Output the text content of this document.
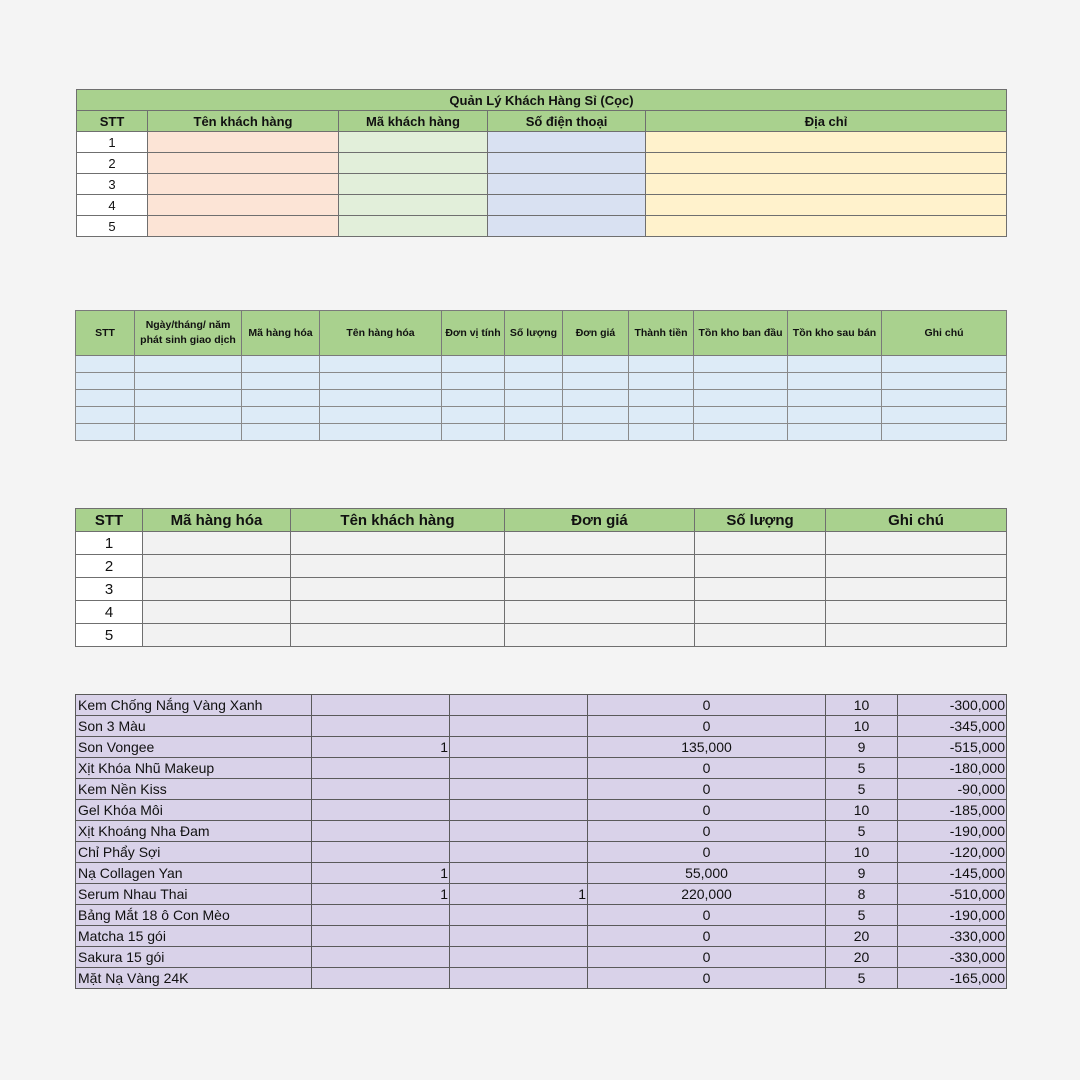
Quản Lý Khách Hàng Sỉ (Cọc)				
STT	Tên khách hàng	Mã khách hàng	Số điện thoại	Địa chỉ
1				
2				
3				
4				
5				
STT	Ngày/tháng/ năm phát sinh giao dịch	Mã hàng hóa	Tên hàng hóa	Đơn vị tính	Số lượng	Đơn giá	Thành tiền	Tồn kho ban đầu	Tồn kho sau bán	Ghi chú

STT	Mã hàng hóa	Tên khách hàng	Đơn giá	Số lượng	Ghi chú
1					
2					
3					
4					
5					
Kem Chống Nắng Vàng Xanh			0	10	-300,000
Son 3 Màu			0	10	-345,000
Son Vongee	1		135,000	9	-515,000
Xịt Khóa Nhũ Makeup			0	5	-180,000
Kem Nền Kiss			0	5	-90,000
Gel Khóa Môi			0	10	-185,000
Xịt Khoáng Nha Đam			0	5	-190,000
Chỉ Phẩy Sợi			0	10	-120,000
Nạ Collagen Yan	1		55,000	9	-145,000
Serum Nhau Thai	1	1	220,000	8	-510,000
Bảng Mắt 18 ô Con Mèo			0	5	-190,000
Matcha 15 gói			0	20	-330,000
Sakura 15 gói			0	20	-330,000
Mặt Nạ Vàng 24K			0	5	-165,000
